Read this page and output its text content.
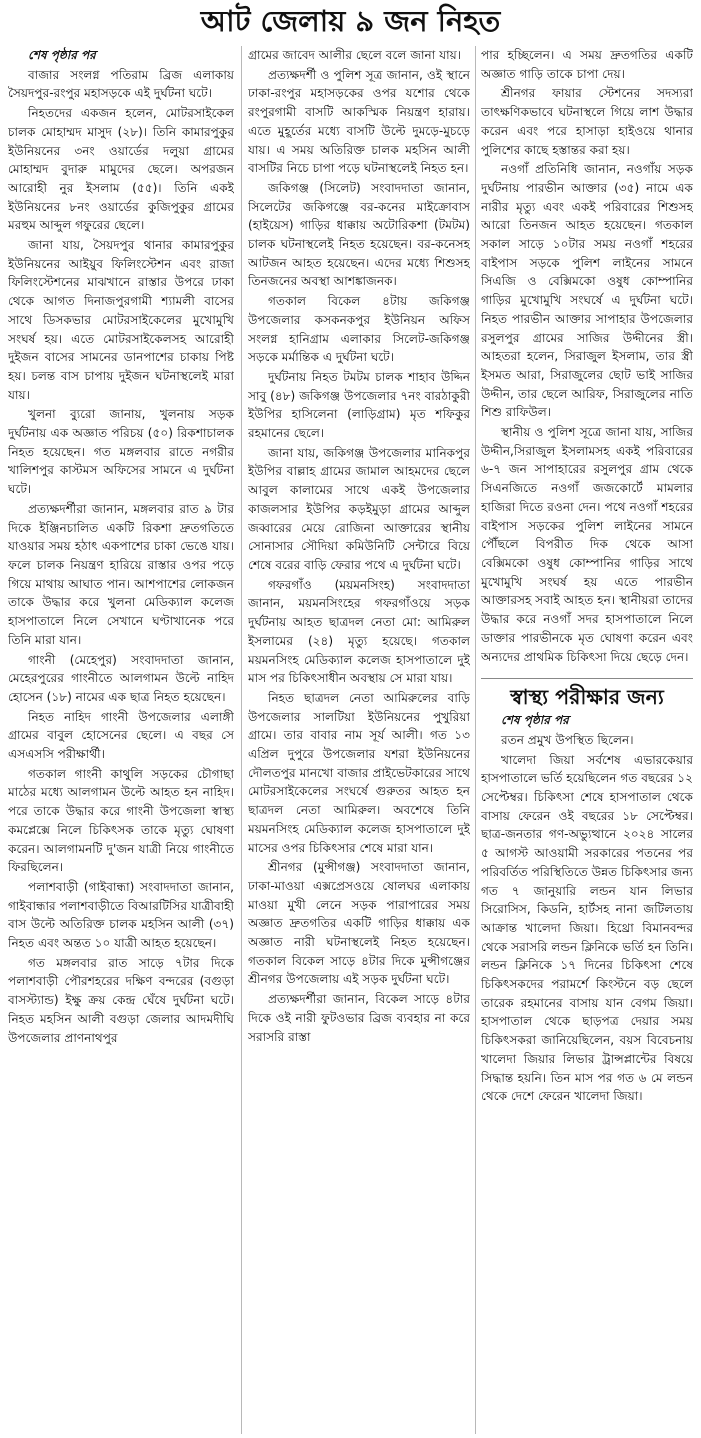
আট জেলায় ৯ জন নিহত

শেষ পৃষ্ঠার পর

বাজার সংলগ্ন পতিরাম ব্রিজ এলাকায় সৈয়দপুর-রংপুর মহাসড়কে এই দুর্ঘটনা ঘটে।

নিহতদের একজন হলেন, মোটরসাইকেল চালক মোহাম্মদ মাসুদ (২৮)। তিনি কামারপুকুর ইউনিয়নের ৩নং ওয়ার্ডের দলুয়া গ্রামের মোহাম্মদ বুদারু মামুদের ছেলে। অপরজন আরোহী নুর ইসলাম (৫৫)। তিনি একই ইউনিয়নের ৮নং ওয়ার্ডের কুজিপুকুর গ্রামের মরহুম আব্দুল গফুরের ছেলে।

জানা যায়, সৈয়দপুর থানার কামারপুকুর ইউনিয়নের আইয়ুব ফিলিংস্টেশন এবং রাজা ফিলিংস্টেশনের মাঝখানে রাস্তার উপরে ঢাকা থেকে আগত দিনাজপুরগামী শ্যামলী বাসের সাথে ডিসকভার মোটরসাইকেলের মুখোমুখি সংঘর্ষ হয়। এতে মোটরসাইকেলসহ আরোহী দুইজন বাসের সামনের ডানপাশের চাকায় পিষ্ট হয়। চলন্ত বাস চাপায় দুইজন ঘটনাস্থলেই মারা যায়।

খুলনা ব্যুরো জানায়, খুলনায় সড়ক দুর্ঘটনায় এক অজ্ঞাত পরিচয় (৫০) রিকশাচালক নিহত হয়েছেন। গত মঙ্গলবার রাতে নগরীর খালিশপুর কাস্টমস অফিসের সামনে এ দুর্ঘটনা ঘটে।

প্রত্যক্ষদর্শীরা জানান, মঙ্গলবার রাত ৯ টার দিকে ইঞ্জিনচালিত একটি রিকশা দ্রুতগতিতে যাওয়ার সময় হঠাৎ একপাশের চাকা ভেঙে যায়। ফলে চালক নিয়ন্ত্রণ হারিয়ে রাস্তার ওপর পড়ে গিয়ে মাথায় আঘাত পান। আশপাশের লোকজন তাকে উদ্ধার করে খুলনা মেডিক্যাল কলেজ হাসপাতালে নিলে সেখানে ঘণ্টাখানেক পরে তিনি মারা যান।

গাংনী (মেহেপুর) সংবাদদাতা জানান, মেহেরপুরের গাংনীতে আলগামন উল্টে নাহিদ হোসেন (১৮) নামের এক ছাত্র নিহত হয়েছেন।

নিহত নাহিদ গাংনী উপজেলার এলাঙ্গী গ্রামের বাবুল হোসেনের ছেলে। এ বছর সে এসএসসি পরীক্ষার্থী।

গতকাল গাংনী কাথুলি সড়কের চৌগাছা মাঠের মধ্যে আলগামন উল্টে আহত হন নাহিদ। পরে তাকে উদ্ধার করে গাংনী উপজেলা স্বাস্থ্য কমপ্লেক্সে নিলে চিকিৎসক তাকে মৃত্যু ঘোষণা করেন। আলগামনটি দু'জন যাত্রী নিয়ে গাংনীতে ফিরছিলেন।

পলাশবাড়ী (গাইবান্ধা) সংবাদদাতা জানান, গাইবান্ধার পলাশবাড়ীতে বিআরটিসির যাত্রীবাহী বাস উল্টে অতিরিক্ত চালক মহসিন আলী (৩৭) নিহত এবং অন্তত ১০ যাত্রী আহত হয়েছেন।

গত মঙ্গলবার রাত সাড়ে ৭টার দিকে পলাশবাড়ী পৌরশহরের দক্ষিণ বন্দরের (বগুড়া বাসস্ট্যান্ড) ইক্ষু ক্রয় কেন্দ্র ঘেঁষে দুর্ঘটনা ঘটে। নিহত মহসিন আলী বগুড়া জেলার আদমদীঘি উপজেলার প্রাণনাথপুর

গ্রামের জাবেদ আলীর ছেলে বলে জানা যায়।

প্রত্যক্ষদর্শী ও পুলিশ সূত্র জানান, ওই স্থানে ঢাকা-রংপুর মহাসড়কের ওপর যশোর থেকে রংপুরগামী বাসটি আকস্মিক নিয়ন্ত্রণ হারায়। এতে মুহূর্তের মধ্যে বাসটি উল্টে দুমড়ে-মুচড়ে যায়। এ সময় অতিরিক্ত চালক মহসিন আলী বাসটির নিচে চাপা পড়ে ঘটনাস্থলেই নিহত হন।

জকিগঞ্জ (সিলেট) সংবাদদাতা জানান, সিলেটের জকিগঞ্জে বর-কনের মাইক্রোবাস (হাইয়েস) গাড়ির ধাক্কায় অটোরিকশা (টমটম) চালক ঘটনাস্থলেই নিহত হয়েছেন। বর-কনেসহ আটজন আহত হয়েছেন। এদের মধ্যে শিশুসহ তিনজনের অবস্থা আশঙ্কাজনক।

গতকাল বিকেল ৪টায় জকিগঞ্জ উপজেলার কসকনকপুর ইউনিয়ন অফিস সংলগ্ন হানিগ্রাম এলাকার সিলেট-জকিগঞ্জ সড়কে মর্মান্তিক এ দুর্ঘটনা ঘটে।

দুর্ঘটনায় নিহত টমটম চালক শাহাব উদ্দিন সাবু (৪৮) জকিগঞ্জ উপজেলার ৭নং বারঠাকুরী ইউপির হাসিলেনা (লাড়িগ্রাম) মৃত শফিকুর রহমানের ছেলে।

জানা যায়, জকিগঞ্জ উপজেলার মানিকপুর ইউপির বাল্লাহ গ্রামের জামাল আহমদের ছেলে আবুল কালামের সাথে একই উপজেলার কাজলসার ইউপির কড়ইমুড়া গ্রামের আব্দুল জব্বারের মেয়ে রোজিনা আক্তারের স্থানীয় সোনাসার সৌদিয়া কমিউনিটি সেন্টারে বিয়ে শেষে বরের বাড়ি ফেরার পথে এ দুর্ঘটনা ঘটে।

গফরগাঁও (ময়মনসিংহ) সংবাদদাতা জানান, ময়মনসিংহের গফরগাঁওয়ে সড়ক দুর্ঘটনায় আহত ছাত্রদল নেতা মো: আমিরুল ইসলামের (২৪) মৃত্যু হয়েছে। গতকাল ময়মনসিংহ মেডিক্যাল কলেজ হাসপাতালে দুই মাস পর চিকিৎসাধীন অবস্থায় সে মারা যায়।

নিহত ছাত্রদল নেতা আমিরুলের বাড়ি উপজেলার সালটিয়া ইউনিয়নের পুখুরিয়া গ্রামে। তার বাবার নাম সূর্য আলী। গত ১৩ এপ্রিল দুপুরে উপজেলার যশরা ইউনিয়নের দৌলতপুর মানখো বাজার প্রাইভেটকারের সাথে মোটরসাইকেলের সংঘর্ষে গুরুতর আহত হন ছাত্রদল নেতা আমিরুল। অবশেষে তিনি ময়মনসিংহ মেডিক্যাল কলেজ হাসপাতালে দুই মাসের ওপর চিকিৎসার শেষে মারা যান।

শ্রীনগর (মুন্সীগঞ্জ) সংবাদদাতা জানান, ঢাকা-মাওয়া এক্সপ্রেসওয়ে ষোলঘর এলাকায় মাওয়া মুখী লেনে সড়ক পারাপারের সময় অজ্ঞাত দ্রুতগতির একটি গাড়ির ধাক্কায় এক অজ্ঞাত নারী ঘটনাস্থলেই নিহত হয়েছেন। গতকাল বিকেল সাড়ে ৪টার দিকে মুন্সীগঞ্জের শ্রীনগর উপজেলায় এই সড়ক দুর্ঘটনা ঘটে।

প্রত্যক্ষদর্শীরা জানান, বিকেল সাড়ে ৪টার দিকে ওই নারী ফুটওভার ব্রিজ ব্যবহার না করে সরাসরি রাস্তা

পার হচ্ছিলেন। এ সময় দ্রুতগতির একটি অজ্ঞাত গাড়ি তাকে চাপা দেয়।

শ্রীনগর ফায়ার স্টেশনের সদস্যরা তাৎক্ষণিকভাবে ঘটনাস্থলে গিয়ে লাশ উদ্ধার করেন এবং পরে হাসাড়া হাইওয়ে থানার পুলিশের কাছে হস্তান্তর করা হয়।

নওগাঁ প্রতিনিধি জানান, নওগাঁয় সড়ক দুর্ঘটনায় পারভীন আক্তার (৩৫) নামে এক নারীর মৃত্যু এবং একই পরিবারের শিশুসহ আরো তিনজন আহত হয়েছেন। গতকাল সকাল সাড়ে ১০টার সময় নওগাঁ শহরের বাইপাস সড়কে পুলিশ লাইনের সামনে সিএজি ও বেক্সিমকো ওষুধ কোম্পানির গাড়ির মুখোমুখি সংঘর্ষে এ দুর্ঘটনা ঘটে। নিহত পারভীন আক্তার সাপাহার উপজেলার রসুলপুর গ্রামের সাজির উদ্দীনের স্ত্রী। আহতরা হলেন, সিরাজুল ইসলাম, তার স্ত্রী ইসমত আরা, সিরাজুলের ছোট ভাই সাজির উদ্দীন, তার ছেলে আরিফ, সিরাজুলের নাতি শিশু রাফিউল।

স্থানীয় ও পুলিশ সূত্রে জানা যায়, সাজির উদ্দীন,সিরাজুল ইসলামসহ একই পরিবারের ৬-৭ জন সাপাহারের রসুলপুর গ্রাম থেকে সিএনজিতে নওগাঁ জজকোর্টে মামলার হাজিরা দিতে রওনা দেন। পথে নওগাঁ শহরের বাইপাস সড়কের পুলিশ লাইনের সামনে পৌঁছলে বিপরীত দিক থেকে আসা বেক্সিমকো ওষুধ কোম্পানির গাড়ির সাথে মুখোমুখি সংঘর্ষ হয় এতে পারভীন আক্তারসহ সবাই আহত হন। স্থানীয়রা তাদের উদ্ধার করে নওগাঁ সদর হাসপাতালে নিলে ডাক্তার পারভীনকে মৃত ঘোষণা করেন এবং অন্যদের প্রাথমিক চিকিৎসা দিয়ে ছেড়ে দেন।

স্বাস্থ্য পরীক্ষার জন্য

শেষ পৃষ্ঠার পর

রতন প্রমুখ উপস্থিত ছিলেন।

খালেদা জিয়া সর্বশেষ এভারকেয়ার হাসপাতালে ভর্তি হয়েছিলেন গত বছরের ১২ সেপ্টেম্বর। চিকিৎসা শেষে হাসপাতাল থেকে বাসায় ফেরেন ওই বছরের ১৮ সেপ্টেম্বর। ছাত্র-জনতার গণ-অভ্যুত্থানে ২০২৪ সালের ৫ আগস্ট আওয়ামী সরকারের পতনের পর পরিবর্তিত পরিস্থিতিতে উন্নত চিকিৎসার জন্য গত ৭ জানুয়ারি লন্ডন যান লিভার সিরোসিস, কিডনি, হার্টসহ নানা জটিলতায় আক্রান্ত খালেদা জিয়া। হিথ্রো বিমানবন্দর থেকে সরাসরি লন্ডন ক্লিনিকে ভর্তি হন তিনি। লন্ডন ক্লিনিকে ১৭ দিনের চিকিৎসা শেষে চিকিৎসকদের পরামর্শে কিংস্টনে বড় ছেলে তারেক রহমানের বাসায় যান বেগম জিয়া। হাসপাতাল থেকে ছাড়পত্র দেয়ার সময় চিকিৎসকরা জানিয়েছিলেন, বয়স বিবেচনায় খালেদা জিয়ার লিভার ট্রান্সপ্লান্টের বিষয়ে সিদ্ধান্ত হয়নি। তিন মাস পর গত ৬ মে লন্ডন থেকে দেশে ফেরেন খালেদা জিয়া।
